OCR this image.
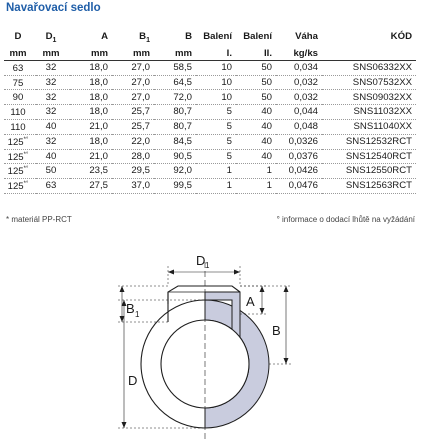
Navařovací sedlo
D	$D_1$	A	$B_1$	B	Balení	Balení	Váha	KÓD
mm	mm	mm	mm	mm	I.	II.	kg/ks	
63	32	18,0	27,0	58,5	10	50	0,034	SNS06332XX
75	32	18,0	27,0	64,5	10	50	0,032	SNS07532XX
90	32	18,0	27,0	72,0	10	50	0,032	SNS09032XX
110	32	18,0	25,7	80,7	5	40	0,044	SNS11032XX
110	40	21,0	25,7	80,7	5	40	0,048	SNS11040XX
125*°	32	18,0	22,0	84,5	5	40	0,0326	SNS12532RCT
125*°	40	21,0	28,0	90,5	5	40	0,0376	SNS12540RCT
125*°	50	23,5	29,5	92,0	1	1	0,0426	SNS12550RCT
125*°	63	27,5	37,0	99,5	1	1	0,0476	SNS12563RCT
* materiál PP-RCT	° informace o dodací lhůtě na vyžádání
D 1
A
B
B 1
D
